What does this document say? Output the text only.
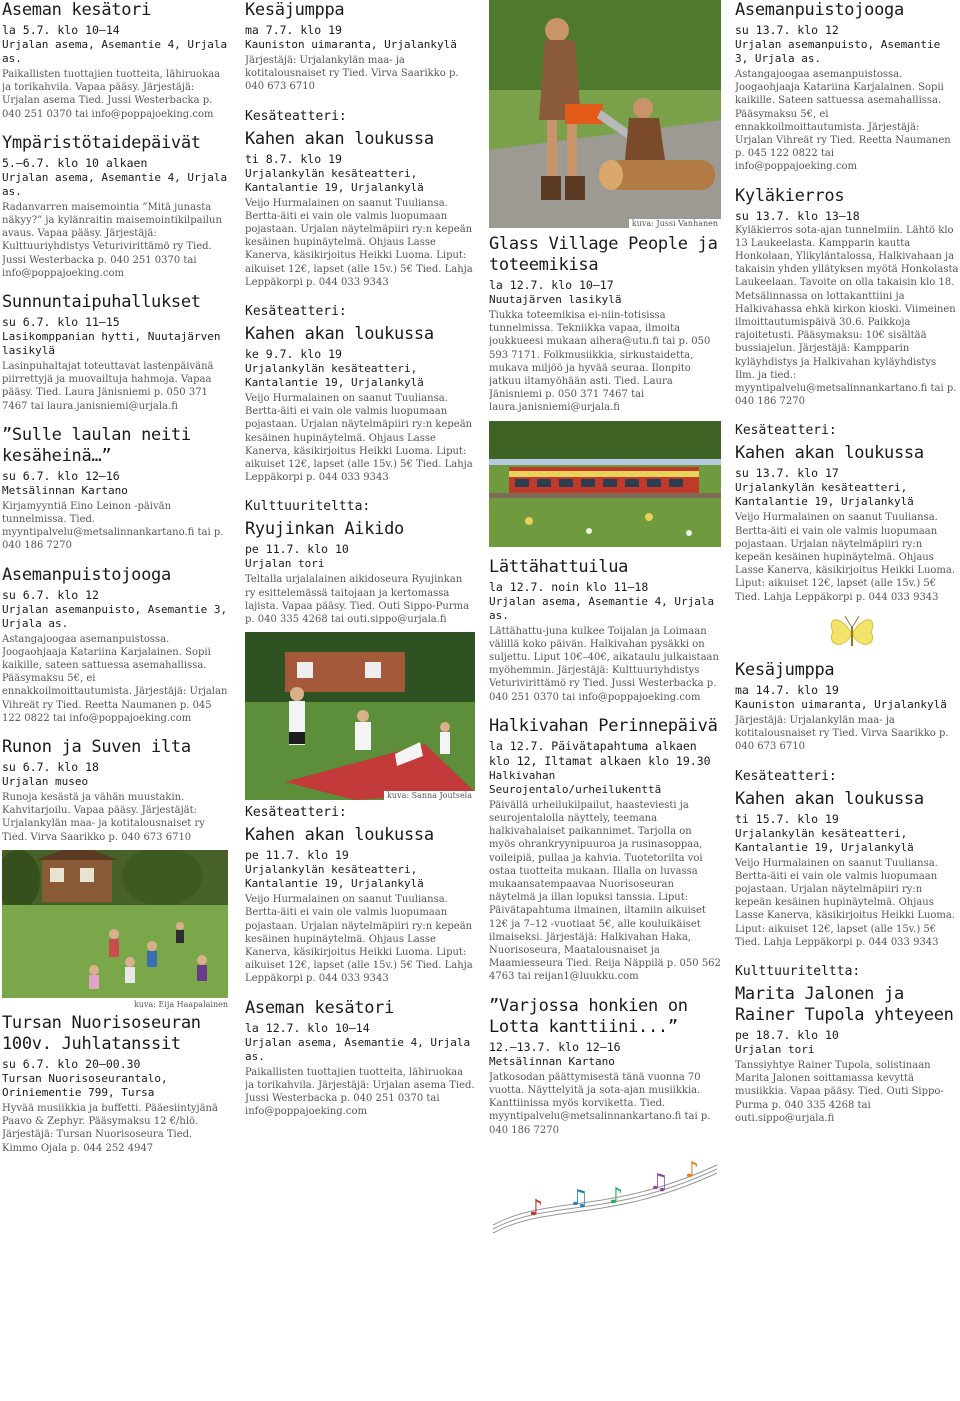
Aseman kesätori

la 5.7. klo 10–14

Urjalan asema, Asemantie 4, Urjala as.

Paikallisten tuottajien tuotteita, lähiruokaa ja torikahvila. Vapaa pääsy. Järjestäjä: Urjalan asema Tied. Jussi Westerbacka p. 040 251 0370 tai info@poppajoeking.com

Ympäristötaidepäivät

5.–6.7. klo 10 alkaen

Urjalan asema, Asemantie 4, Urjala as.

Radanvarren maisemointia ”Mitä junasta näkyy?” ja kylänraitin maisemointikilpailun avaus. Vapaa pääsy. Järjestäjä: Kulttuuriyhdistys Veturivirittämö ry Tied. Jussi Westerbacka p. 040 251 0370 tai info@poppajoeking.com

Sunnuntaipuhallukset

su 6.7. klo 11–15

Lasikomppanian hytti, Nuutajärven lasikylä

Lasinpuhaltajat toteuttavat lastenpäivänä piirrettyjä ja muovailtuja hahmoja. Vapaa pääsy. Tied. Laura Jänisniemi p. 050 371 7467 tai laura.janisniemi@urjala.fi

”Sulle laulan neiti kesäheinä…”

su 6.7. klo 12–16

Metsälinnan Kartano

Kirjamyyntiä Eino Leinon -päivän tunnelmissa. Tied. myyntipalvelu@metsalinnankartano.fi tai p. 040 186 7270

Asemanpuistojooga

su 6.7. klo 12

Urjalan asemanpuisto, Asemantie 3, Urjala as.

Astangajoogaa asemanpuistossa. Joogaohjaaja Katariina Karjalainen. Sopii kaikille, sateen sattuessa asemahallissa. Pääsymaksu 5€, ei ennakkoilmoittautumista. Järjestäjä: Urjalan Vihreät ry Tied. Reetta Naumanen p. 045 122 0822 tai info@poppajoeking.com

Runon ja Suven ilta

su 6.7. klo 18

Urjalan museo

Runoja kesästä ja vähän muustakin. Kahvitarjoilu. Vapaa pääsy. Järjestäjät: Urjalankylän maa- ja kotitalousnaiset ry Tied. Virva Saarikko p. 040 673 6710

kuva: Eija Haapalainen
Tursan Nuorisoseuran 100v. Juhlatanssit

su 6.7. klo 20–00.30

Tursan Nuorisoseurantalo, Oriniementie 799, Tursa

Hyvää musiikkia ja buffetti. Pääesiintyjänä Paavo & Zephyr. Pääsymaksu 12 €/hlö. Järjestäjä: Tursan Nuorisoseura Tied. Kimmo Ojala p. 044 252 4947

Kesäjumppa

ma 7.7. klo 19

Kauniston uimaranta, Urjalankylä

Järjestäjä: Urjalankylän maa- ja kotitalousnaiset ry Tied. Virva Saarikko p. 040 673 6710

Kesäteatteri:
Kahen akan loukussa

ti 8.7. klo 19

Urjalankylän kesäteatteri, Kantalantie 19, Urjalankylä

Veijo Hurmalainen on saanut Tuuliansa. Bertta-äiti ei vain ole valmis luopumaan pojastaan. Urjalan näytelmäpiiri ry:n kepeän kesäinen hupinäytelmä. Ohjaus Lasse Kanerva, käsikirjoitus Heikki Luoma. Liput: aikuiset 12€, lapset (alle 15v.) 5€ Tied. Lahja Leppäkorpi p. 044 033 9343

Kesäteatteri:
Kahen akan loukussa

ke 9.7. klo 19

Urjalankylän kesäteatteri, Kantalantie 19, Urjalankylä

Veijo Hurmalainen on saanut Tuuliansa. Bertta-äiti ei vain ole valmis luopumaan pojastaan. Urjalan näytelmäpiiri ry:n kepeän kesäinen hupinäytelmä. Ohjaus Lasse Kanerva, käsikirjoitus Heikki Luoma. Liput: aikuiset 12€, lapset (alle 15v.) 5€ Tied. Lahja Leppäkorpi p. 044 033 9343

Kulttuuriteltta:
Ryujinkan Aikido

pe 11.7. klo 10

Urjalan tori

Teltalla urjalalainen aikidoseura Ryujinkan ry esittelemässä taitojaan ja kertomassa lajista. Vapaa pääsy. Tied. Outi Sippo-Purma p. 040 335 4268 tai outi.sippo@urjala.fi

kuva: Sanna Joutsela
Kesäteatteri:
Kahen akan loukussa

pe 11.7. klo 19

Urjalankylän kesäteatteri, Kantalantie 19, Urjalankylä

Veijo Hurmalainen on saanut Tuuliansa. Bertta-äiti ei vain ole valmis luopumaan pojastaan. Urjalan näytelmäpiiri ry:n kepeän kesäinen hupinäytelmä. Ohjaus Lasse Kanerva, käsikirjoitus Heikki Luoma. Liput: aikuiset 12€, lapset (alle 15v.) 5€ Tied. Lahja Leppäkorpi p. 044 033 9343

Aseman kesätori

la 12.7. klo 10–14

Urjalan asema, Asemantie 4, Urjala as.

Paikallisten tuottajien tuotteita, lähiruokaa ja torikahvila. Järjestäjä: Urjalan asema Tied. Jussi Westerbacka p. 040 251 0370 tai info@poppajoeking.com

kuva: Jussi Vanhanen
Glass Village People ja toteemikisa

la 12.7. klo 10–17

Nuutajärven lasikylä

Tiukka toteemikisa ei-niin-totisissa tunnelmissa. Tekniikka vapaa, ilmoita joukkueesi mukaan aihera@utu.fi tai p. 050 593 7171. Folkmusiikkia, sirkustaidetta, mukava miljöö ja hyvää seuraa. Ilonpito jatkuu iltamyöhään asti. Tied. Laura Jänisniemi p. 050 371 7467 tai laura.janisniemi@urjala.fi

Lättähattuilua

la 12.7. noin klo 11–18

Urjalan asema, Asemantie 4, Urjala as.

Lättähattu-juna kulkee Toijalan ja Loimaan välillä koko päivän. Halkivahan pysäkki on suljettu. Liput 10€–40€, aikataulu julkaistaan myöhemmin. Järjestäjä: Kulttuuriyhdistys Veturivirittämö ry Tied. Jussi Westerbacka p. 040 251 0370 tai info@poppajoeking.com

Halkivahan Perinnepäivä

la 12.7. Päivätapahtuma alkaen klo 12, Iltamat alkaen klo 19.30

Halkivahan Seurojentalo/urheilukenttä

Päivällä urheilukilpailut, haasteviesti ja seurojentalolla näyttely, teemana halkivahalaiset paikannimet. Tarjolla on myös ohrankryynipuuroa ja rusinasoppaa, voileipiä, pullaa ja kahvia. Tuotetoriltа voi ostaa tuotteita mukaan. Illalla on luvassa mukaansatempaavaa Nuorisoseuran näytelmä ja illan lopuksi tanssia. Liput: Päivätapahtuma ilmainen, iltamiin aikuiset 12€ ja 7–12 -vuotiaat 5€, alle kouluikäiset ilmaiseksi. Järjestäjä: Halkivahan Haka, Nuorisoseura, Maatalousnaiset ja Maamiesseura Tied. Reija Näppilä p. 050 562 4763 tai reijan1@luukku.com

”Varjossa honkien on Lotta kanttiini...”

12.–13.7. klo 12–16

Metsälinnan Kartano

Jatkosodan päättymisestä tänä vuonna 70 vuotta. Näyttelyitä ja sota-ajan musiikkia. Kanttiinissa myös korviketta. Tied. myyntipalvelu@metsalinnankartano.fi tai p. 040 186 7270

♪ ♫ ♪
♫ ♪
Asemanpuistojooga

su 13.7. klo 12

Urjalan asemanpuisto, Asemantie 3, Urjala as.

Astangajoogaa asemanpuistossa. Joogaohjaaja Katariina Karjalainen. Sopii kaikille. Sateen sattuessa asemahallissa. Pääsymaksu 5€, ei ennakkoilmoittautumista. Järjestäjä: Urjalan Vihreät ry Tied. Reetta Naumanen p. 045 122 0822 tai info@poppajoeking.com

Kyläkierros

su 13.7. klo 13–18

Kyläkierros sota-ajan tunnelmiin. Lähtö klo 13 Laukeelasta. Kampparin kautta Honkolaan, Ylikyläntalossa, Halkivahaan ja takaisin yhden yllätyksen myötä Honkolasta Laukeelaan. Tavoite on olla takaisin klo 18. Metsälinnassa on lottakanttiini ja Halkivahassa ehkä kirkon kioski. Viimeinen ilmoittautumispäivä 30.6. Paikkoja rajoitetusti. Pääsymaksu: 10€ sisältää bussiajelun. Järjestäjä: Kampparin kyläyhdistys ja Halkivahan kyläyhdistys Ilm. ja tied.: myyntipalvelu@metsalinnankartano.fi tai p. 040 186 7270

Kesäteatteri:
Kahen akan loukussa

su 13.7. klo 17

Urjalankylän kesäteatteri, Kantalantie 19, Urjalankylä

Veijo Hurmalainen on saanut Tuuliansa. Bertta-äiti ei vain ole valmis luopumaan pojastaan. Urjalan näytelmäpiiri ry:n kepeän kesäinen hupinäytelmä. Ohjaus Lasse Kanerva, käsikirjoitus Heikki Luoma. Liput: aikuiset 12€, lapset (alle 15v.) 5€ Tied. Lahja Leppäkorpi p. 044 033 9343

Kesäjumppa

ma 14.7. klo 19

Kauniston uimaranta, Urjalankylä

Järjestäjä: Urjalankylän maa- ja kotitalousnaiset ry Tied. Virva Saarikko p. 040 673 6710

Kesäteatteri:
Kahen akan loukussa

ti 15.7. klo 19

Urjalankylän kesäteatteri, Kantalantie 19, Urjalankylä

Veijo Hurmalainen on saanut Tuuliansa. Bertta-äiti ei vain ole valmis luopumaan pojastaan. Urjalan näytelmäpiiri ry:n kepeän kesäinen hupinäytelmä. Ohjaus Lasse Kanerva, käsikirjoitus Heikki Luoma. Liput: aikuiset 12€, lapset (alle 15v.) 5€ Tied. Lahja Leppäkorpi p. 044 033 9343

Kulttuuriteltta:
Marita Jalonen ja Rainer Tupola yhteyeen

pe 18.7. klo 10

Urjalan tori

Tanssiyhtye Rainer Tupola, solistinaan Marita Jalonen soittamassa kevyttä musiikkia. Vapaa pääsy. Tied. Outi Sippo-Purma p. 040 335 4268 tai outi.sippo@urjala.fi
